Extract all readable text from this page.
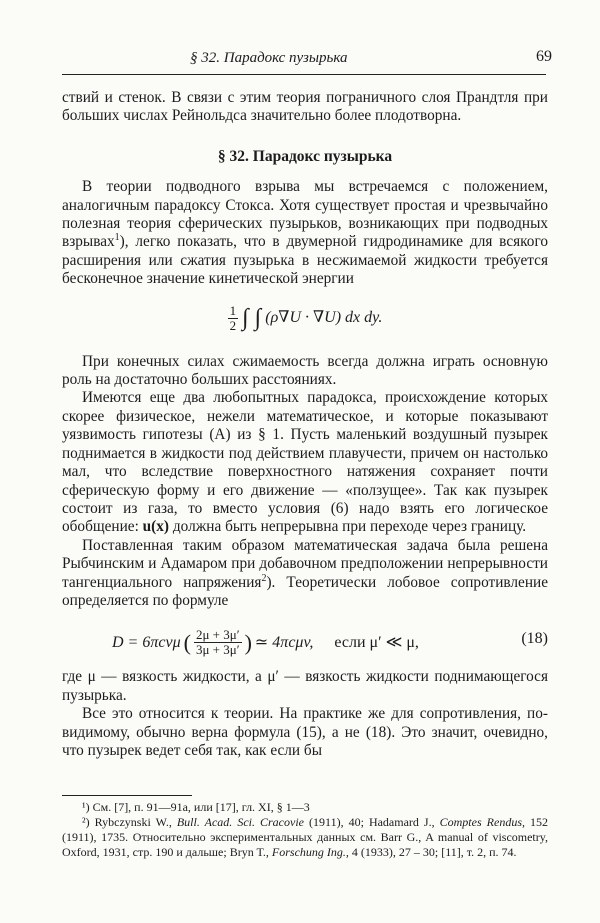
§ 32. Парадокс пузырька	69

ствий и стенок. В связи с этим теория пограничного слоя Прандтля при больших числах Рейнольдса значительно более плодотворна.

§ 32. Парадокс пузырька

В теории подводного взрыва мы встречаемся с положением, аналогичным парадоксу Стокса. Хотя существует простая и чрезвычайно полезная теория сферических пузырьков, возникающих при подводных взрывах$^1$), легко показать, что в двумерной гидродинамике для всякого расширения или сжатия пузырька в несжимаемой жидкости требуется бесконечное значение кинетической энергии

$\frac{1}{2}$ ∫ ∫ (ρ∇U · ∇U) dx dy.

При конечных силах сжимаемость всегда должна играть основную роль на достаточно больших расстояниях.

Имеются еще два любопытных парадокса, происхождение которых скорее физическое, нежели математическое, и которые показывают уязвимость гипотезы (А) из § 1. Пусть маленький воздушный пузырек поднимается в жидкости под действием плавучести, причем он настолько мал, что вследствие поверхностного натяжения сохраняет почти сферическую форму и его движение — «ползущее». Так как пузырек состоит из газа, то вместо условия (6) надо взять его логическое обобщение: u(x) должна быть непрерывна при переходе через границу.

Поставленная таким образом математическая задача была решена Рыбчинским и Адамаром при добавочном предположении непрерывности тангенциального напряжения$^2$). Теоретически лобовое сопротивление определяется по формуле

D = 6πcvμ ( $\frac{2\mu + 3\mu'}{3\mu + 3\mu'}$ ) ≃ 4πcμv, если μ′ ≪ μ,	(18)

где μ — вязкость жидкости, а μ′ — вязкость жидкости поднимающегося пузырька.

Все это относится к теории. На практике же для сопротивления, по-видимому, обычно верна формула (15), а не (18). Это значит, очевидно, что пузырек ведет себя так, как если бы

¹) См. [7], п. 91—91а, или [17], гл. XI, § 1—3

²) Rybczynski W., Bull. Acad. Sci. Cracovie (1911), 40; Hadamard J., Comptes Rendus, 152 (1911), 1735. Относительно экспериментальных данных см. Barr G., A manual of viscometry, Oxford, 1931, стр. 190 и дальше; Bryn T., Forschung Ing., 4 (1933), 27 – 30; [11], т. 2, п. 74.
